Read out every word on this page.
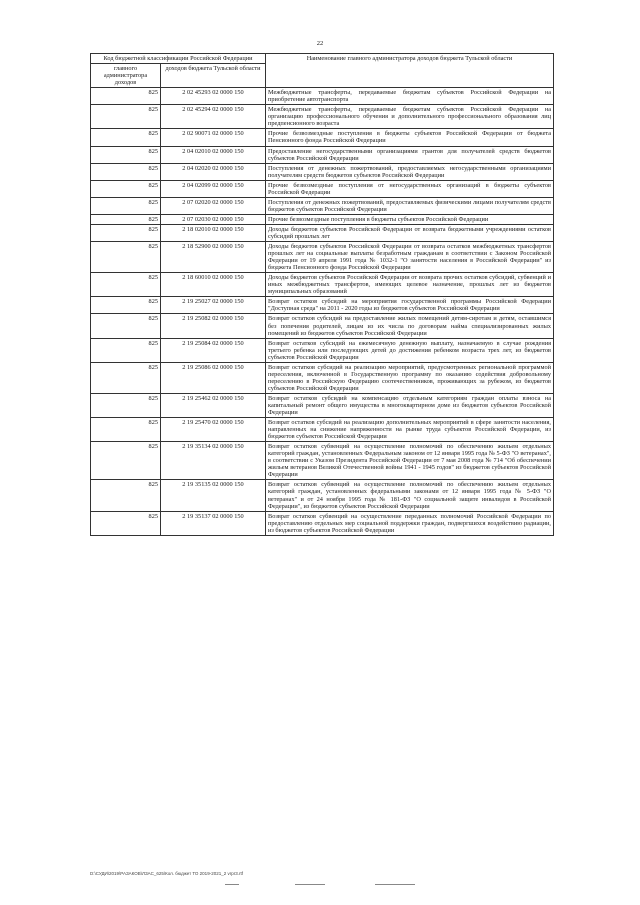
22
Код бюджетной классификации Российской Федерации		Наименование главного администратора доходов бюджета Тульской области
главного администратора доходов	доходов бюджета Тульской области	
825	2 02 45293 02 0000 150	Межбюджетные трансферты, передаваемые бюджетам субъектов Российской Федерации на приобретение автотранспорта
825	2 02 45294 02 0000 150	Межбюджетные трансферты, передаваемые бюджетам субъектов Российской Федерации на организацию профессионального обучения и дополнительного профессионального образования лиц предпенсионного возраста
825	2 02 90071 02 0000 150	Прочие безвозмездные поступления в бюджеты субъектов Российской Федерации от бюджета Пенсионного фонда Российской Федерации
825	2 04 02010 02 0000 150	Предоставление негосударственными организациями грантов для получателей средств бюджетов субъектов Российской Федерации
825	2 04 02020 02 0000 150	Поступления от денежных пожертвований, предоставляемых негосударственными организациями получателям средств бюджетов субъектов Российской Федерации
825	2 04 02099 02 0000 150	Прочие безвозмездные поступления от негосударственных организаций в бюджеты субъектов Российской Федерации
825	2 07 02020 02 0000 150	Поступления от денежных пожертвований, предоставляемых физическими лицами получателям средств бюджетов субъектов Российской Федерации
825	2 07 02030 02 0000 150	Прочие безвозмездные поступления в бюджеты субъектов Российской Федерации
825	2 18 02010 02 0000 150	Доходы бюджетов субъектов Российской Федерации от возврата бюджетными учреждениями остатков субсидий прошлых лет
825	2 18 52900 02 0000 150	Доходы бюджетов субъектов Российской Федерации от возврата остатков межбюджетных трансфертов прошлых лет на социальные выплаты безработным гражданам в соответствии с Законом Российской Федерации от 19 апреля 1991 года № 1032-1 "О занятости населения в Российской Федерации" из бюджета Пенсионного фонда Российской Федерации
825	2 18 60010 02 0000 150	Доходы бюджетов субъектов Российской Федерации от возврата прочих остатков субсидий, субвенций и иных межбюджетных трансфертов, имеющих целевое назначение, прошлых лет из бюджетов муниципальных образований
825	2 19 25027 02 0000 150	Возврат остатков субсидий на мероприятия государственной программы Российской Федерации "Доступная среда" на 2011 - 2020 годы из бюджетов субъектов Российской Федерации
825	2 19 25082 02 0000 150	Возврат остатков субсидий на предоставление жилых помещений детям-сиротам и детям, оставшимся без попечения родителей, лицам из их числа по договорам найма специализированных жилых помещений из бюджетов субъектов Российской Федерации
825	2 19 25084 02 0000 150	Возврат остатков субсидий на ежемесячную денежную выплату, назначаемую в случае рождения третьего ребенка или последующих детей до достижения ребенком возраста трех лет, из бюджетов субъектов Российской Федерации
825	2 19 25086 02 0000 150	Возврат остатков субсидий на реализацию мероприятий, предусмотренных региональной программой переселения, включенной в Государственную программу по оказанию содействия добровольному переселению в Российскую Федерацию соотечественников, проживающих за рубежом, из бюджетов субъектов Российской Федерации
825	2 19 25462 02 0000 150	Возврат остатков субсидий на компенсацию отдельным категориям граждан оплаты взноса на капитальный ремонт общего имущества в многоквартирном доме из бюджетов субъектов Российской Федерации
825	2 19 25470 02 0000 150	Возврат остатков субсидий на реализацию дополнительных мероприятий в сфере занятости населения, направленных на снижение напряженности на рынке труда субъектов Российской Федерации, из бюджетов субъектов Российской Федерации
825	2 19 35134 02 0000 150	Возврат остатков субвенций на осуществление полномочий по обеспечению жильем отдельных категорий граждан, установленных Федеральным законом от 12 января 1995 года № 5-ФЗ "О ветеранах", в соответствии с Указом Президента Российской Федерации от 7 мая 2008 года № 714 "Об обеспечении жильем ветеранов Великой Отечественной войны 1941 - 1945 годов" из бюджетов субъектов Российской Федерации
825	2 19 35135 02 0000 150	Возврат остатков субвенций на осуществление полномочий по обеспечению жильем отдельных категорий граждан, установленных федеральными законами от 12 января 1995 года № 5-ФЗ "О ветеранах" и от 24 ноября 1995 года № 181-ФЗ "О социальной защите инвалидов в Российской Федерации", из бюджетов субъектов Российской Федерации
825	2 19 35137 02 0000 150	Возврат остатков субвенций на осуществление переданных полномочий Российской Федерации по предоставлению отдельных мер социальной поддержки граждан, подвергшихся воздействию радиации, из бюджетов субъектов Российской Федерации
D:\СУДИ\2019\РАЗАКОВ\ЛЗАС_625\Кол. бюджет ТО 2019-2021_2 vrpr3.rtf
